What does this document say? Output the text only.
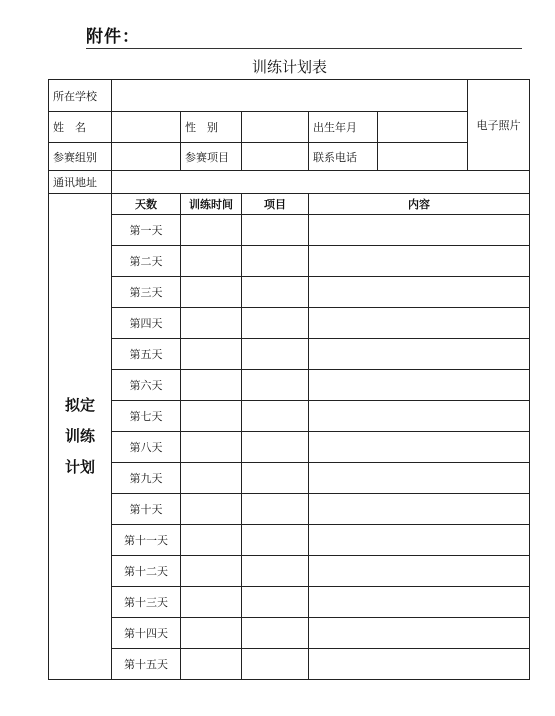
附件：
训练计划表
所在学校						电子照片
姓　名		性　别		出生年月		
参赛组别		参赛项目		联系电话		
通讯地址						

拟定
训练
计划	天数	训练时间	项目	内容		
	第一天					
	第二天					
	第三天					
	第四天					
	第五天					
	第六天					
	第七天					
	第八天					
	第九天					
	第十天					
	第十一天					
	第十二天					
	第十三天					
	第十四天					
	第十五天					
